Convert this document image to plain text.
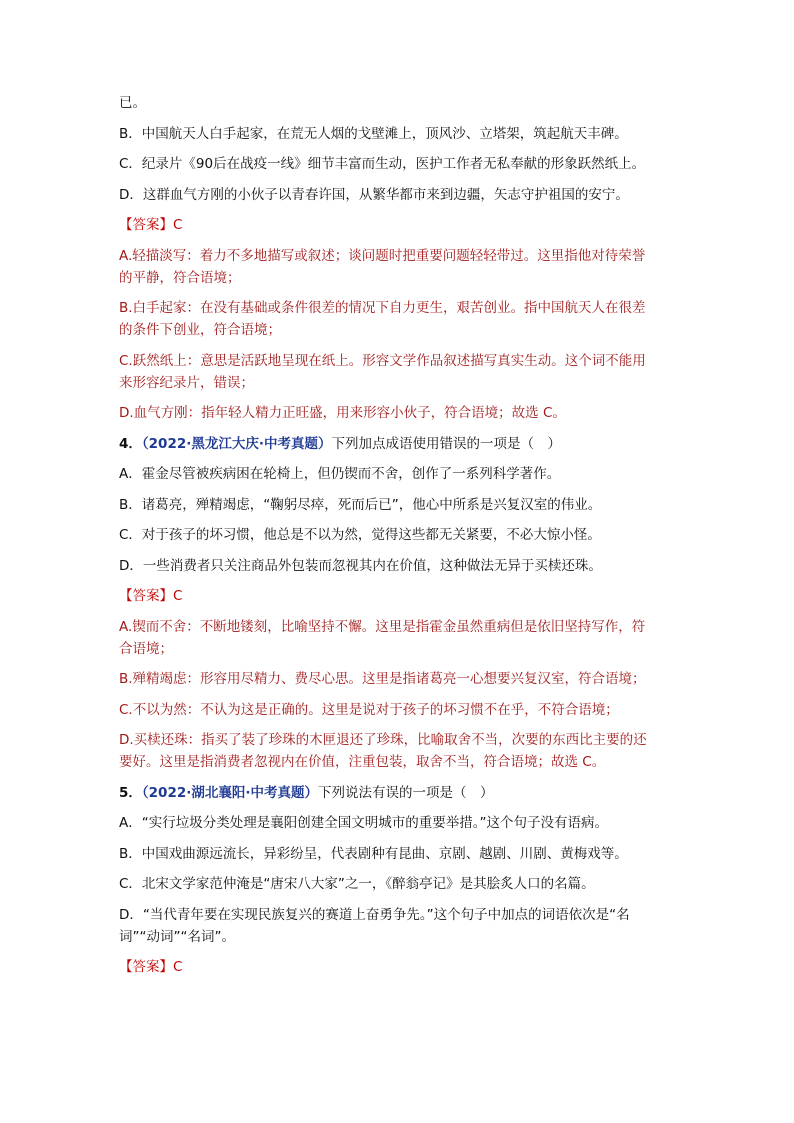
已。

B．中国航天人白手起家，在荒无人烟的戈壁滩上，顶风沙、立塔架，筑起航天丰碑。

C．纪录片《90后在战疫一线》细节丰富而生动，医护工作者无私奉献的形象跃然纸上。

D．这群血气方刚的小伙子以青春许国，从繁华都市来到边疆，矢志守护祖国的安宁。

【答案】C

A.轻描淡写：着力不多地描写或叙述；谈问题时把重要问题轻轻带过。这里指他对待荣誉

的平静，符合语境；

B.白手起家：在没有基础或条件很差的情况下自力更生，艰苦创业。指中国航天人在很差

的条件下创业，符合语境；

C.跃然纸上：意思是活跃地呈现在纸上。形容文学作品叙述描写真实生动。这个词不能用

来形容纪录片，错误；

D.血气方刚：指年轻人精力正旺盛，用来形容小伙子，符合语境；故选 C。

4．（2022·黑龙江大庆·中考真题）下列加点成语使用错误的一项是（　）

A．霍金尽管被疾病困在轮椅上，但仍锲而不舍，创作了一系列科学著作。

B．诸葛亮，殚精竭虑，“鞠躬尽瘁，死而后已”，他心中所系是兴复汉室的伟业。

C．对于孩子的坏习惯，他总是不以为然，觉得这些都无关紧要，不必大惊小怪。

D．一些消费者只关注商品外包装而忽视其内在价值，这种做法无异于买椟还珠。

【答案】C

A.锲而不舍：不断地镂刻，比喻坚持不懈。这里是指霍金虽然重病但是依旧坚持写作，符

合语境；

B.殚精竭虑：形容用尽精力、费尽心思。这里是指诸葛亮一心想要兴复汉室，符合语境；

C.不以为然：不认为这是正确的。这里是说对于孩子的坏习惯不在乎，不符合语境；

D.买椟还珠：指买了装了珍珠的木匣退还了珍珠，比喻取舍不当，次要的东西比主要的还

要好。这里是指消费者忽视内在价值，注重包装，取舍不当，符合语境；故选 C。

5．（2022·湖北襄阳·中考真题）下列说法有误的一项是（　）

A．“实行垃圾分类处理是襄阳创建全国文明城市的重要举措。”这个句子没有语病。

B．中国戏曲源远流长，异彩纷呈，代表剧种有昆曲、京剧、越剧、川剧、黄梅戏等。

C．北宋文学家范仲淹是“唐宋八大家”之一，《醉翁亭记》是其脍炙人口的名篇。

D．“当代青年要在实现民族复兴的赛道上奋勇争先。”这个句子中加点的词语依次是“名

词”“动词”“名词”。

【答案】C
